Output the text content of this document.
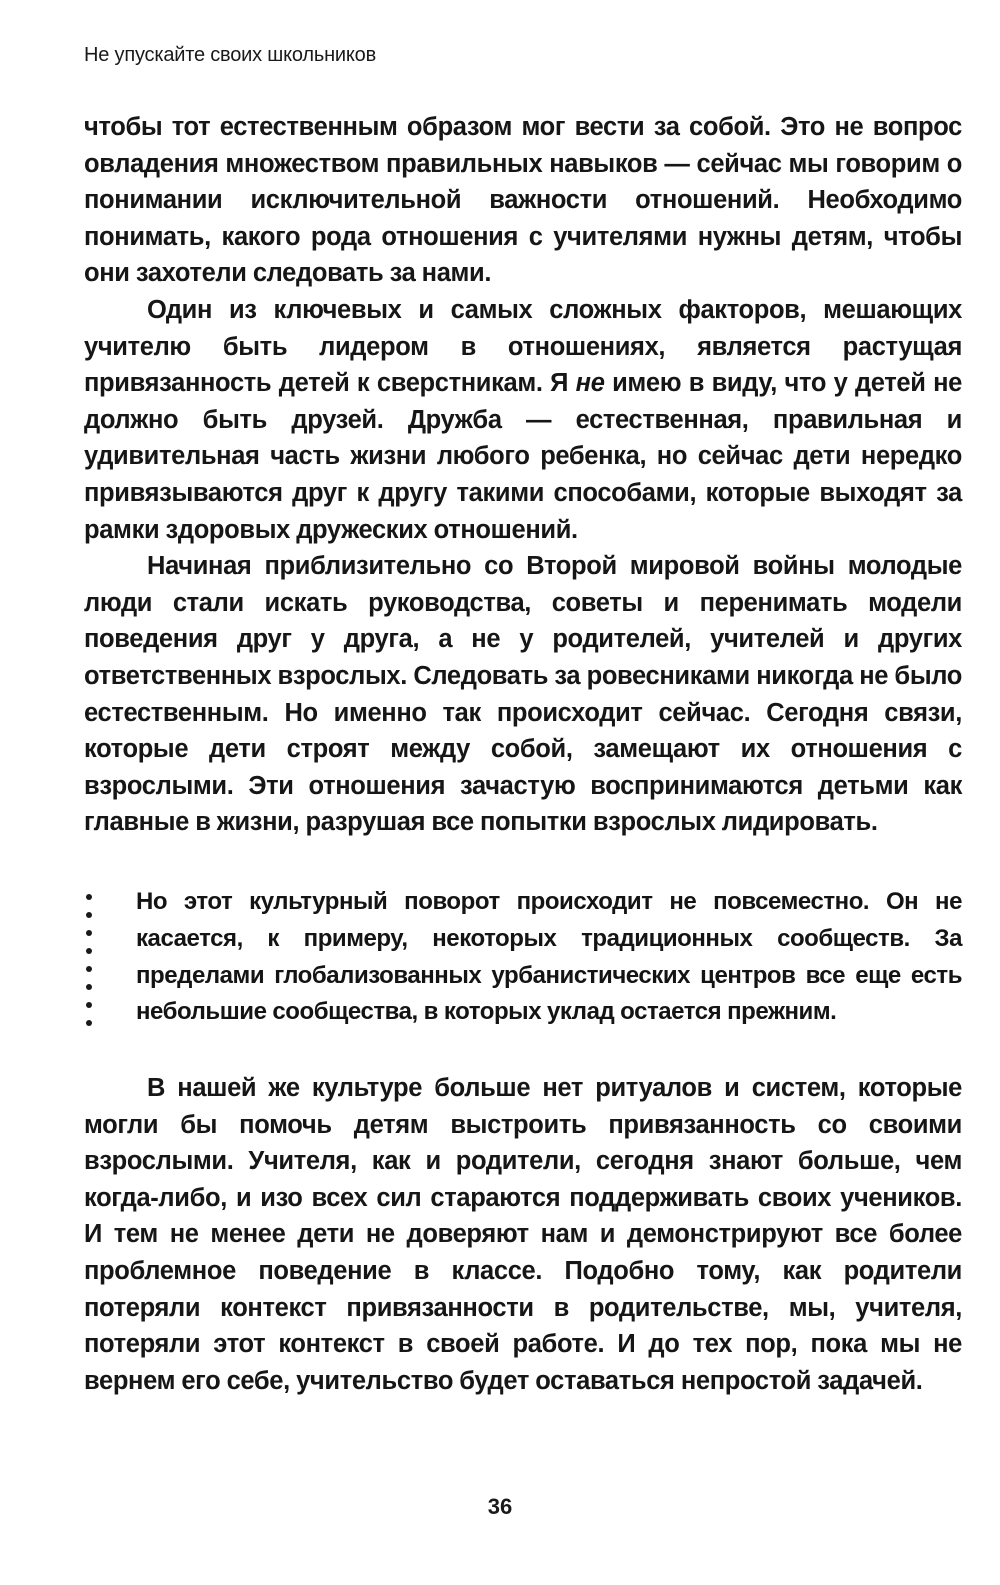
Не упускайте своих школьников

чтобы тот естественным образом мог вести за собой. Это не вопрос овладения множеством правильных навыков — сейчас мы говорим о понимании исключительной важности отношений. Необходимо понимать, какого рода отношения с учителями нужны детям, чтобы они захотели следовать за нами.

Один из ключевых и самых сложных факторов, мешающих учителю быть лидером в отношениях, является растущая привязанность детей к сверстникам. Я не имею в виду, что у детей не должно быть друзей. Дружба — естественная, правильная и удивительная часть жизни любого ребенка, но сейчас дети нередко привязываются друг к другу такими способами, которые выходят за рамки здоровых дружеских отношений.

Начиная приблизительно со Второй мировой войны молодые люди стали искать руководства, советы и перенимать модели поведения друг у друга, а не у родителей, учителей и других ответственных взрослых. Следовать за ровесниками никогда не было естественным. Но именно так происходит сейчас. Сегодня связи, которые дети строят между собой, замещают их отношения с взрослыми. Эти отношения зачастую воспринимаются детьми как главные в жизни, разрушая все попытки взрослых лидировать.

Но этот культурный поворот происходит не повсеместно. Он не касается, к примеру, некоторых традиционных сообществ. За пределами глобализованных урбанистических центров все еще есть небольшие сообщества, в которых уклад остается прежним.

В нашей же культуре больше нет ритуалов и систем, которые могли бы помочь детям выстроить привязанность со своими взрослыми. Учителя, как и родители, сегодня знают больше, чем когда-либо, и изо всех сил стараются поддерживать своих учеников. И тем не менее дети не доверяют нам и демонстрируют все более проблемное поведение в классе. Подобно тому, как родители потеряли контекст привязанности в родительстве, мы, учителя, потеряли этот контекст в своей работе. И до тех пор, пока мы не вернем его себе, учительство будет оставаться непростой задачей.

36
